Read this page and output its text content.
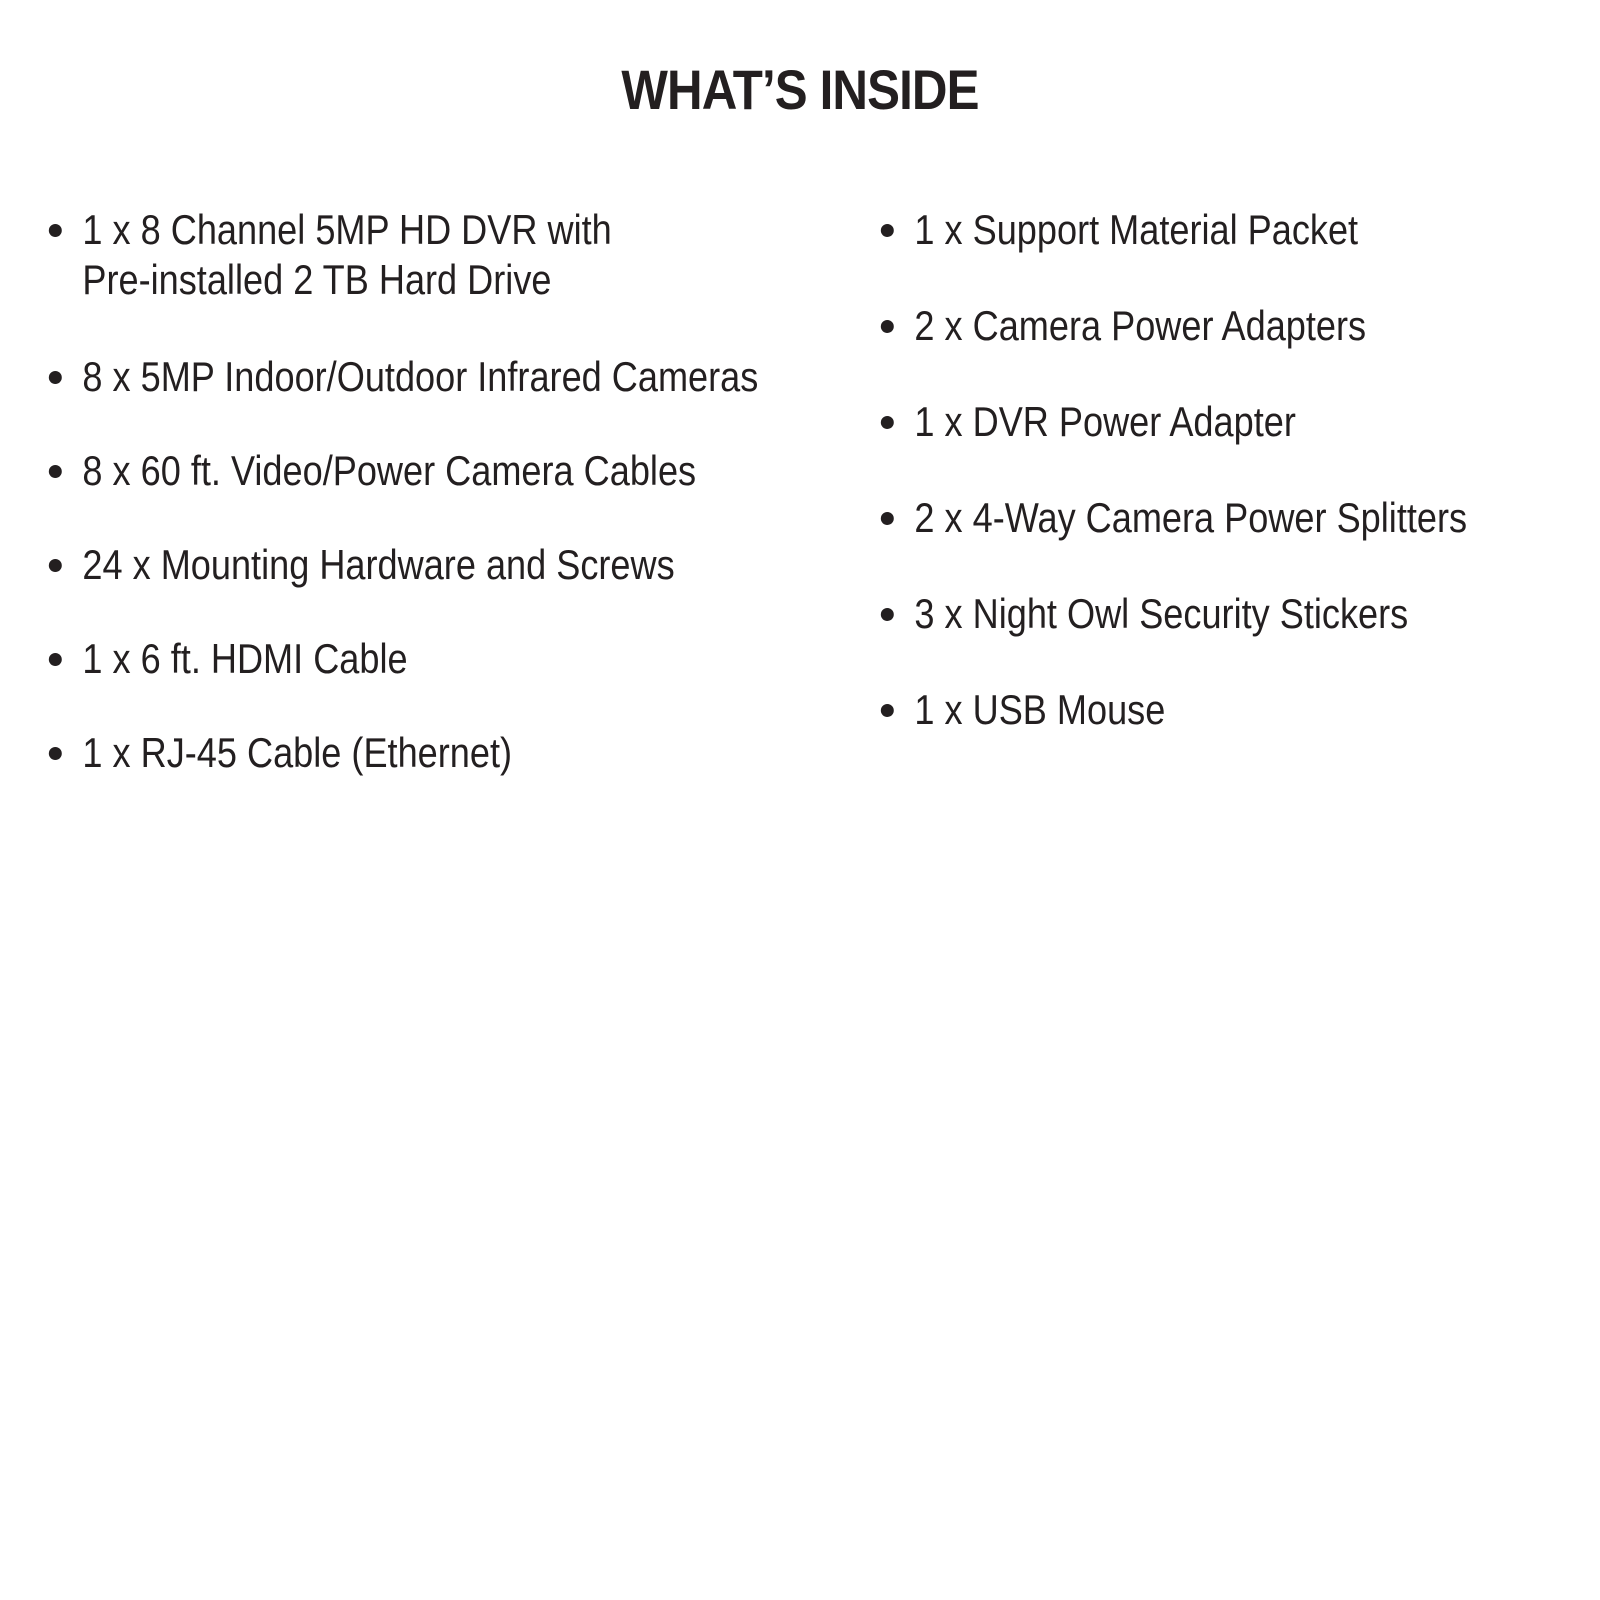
WHAT’S INSIDE
1 x 8 Channel 5MP HD DVR with
Pre-installed 2 TB Hard Drive
8 x 5MP Indoor/Outdoor Infrared Cameras
8 x 60 ft. Video/Power Camera Cables
24 x Mounting Hardware and Screws
1 x 6 ft. HDMI Cable
1 x RJ-45 Cable (Ethernet)
1 x Support Material Packet
2 x Camera Power Adapters
1 x DVR Power Adapter
2 x 4-Way Camera Power Splitters
3 x Night Owl Security Stickers
1 x USB Mouse
